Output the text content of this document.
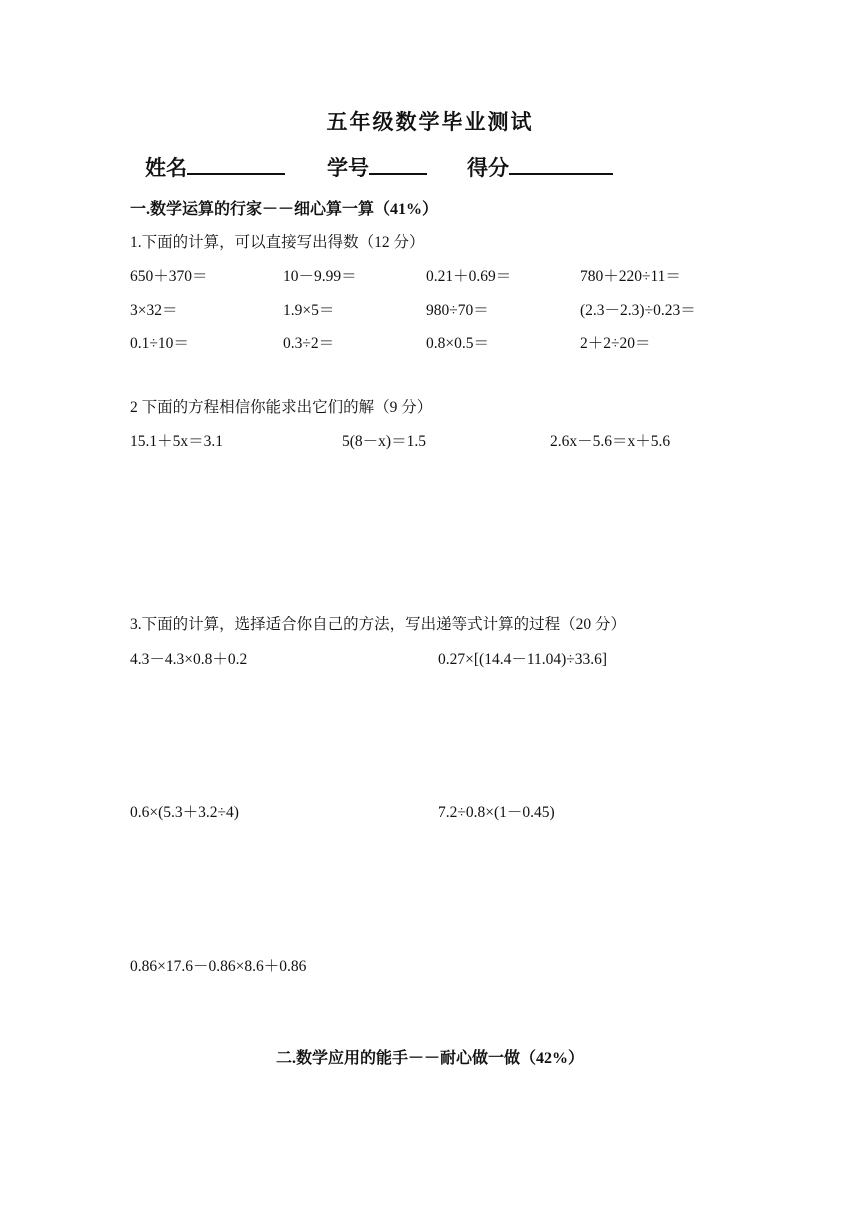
五年级数学毕业测试
姓名	学号	得分
一.数学运算的行家－－细心算一算（41%）
1.下面的计算，可以直接写出得数（12 分）
650＋370＝	10－9.99＝	0.21＋0.69＝	780＋220÷11＝
3×32＝	1.9×5＝	980÷70＝	(2.3－2.3)÷0.23＝
0.1÷10＝	0.3÷2＝	0.8×0.5＝	2＋2÷20＝
2 下面的方程相信你能求出它们的解（9 分）
15.1＋5x＝3.1	5(8－x)＝1.5	2.6x－5.6＝x＋5.6
3.下面的计算，选择适合你自己的方法，写出递等式计算的过程（20 分）
4.3－4.3×0.8＋0.2	0.27×[(14.4－11.04)÷33.6]
0.6×(5.3＋3.2÷4)	7.2÷0.8×(1－0.45)
0.86×17.6－0.86×8.6＋0.86
二.数学应用的能手－－耐心做一做（42%）
